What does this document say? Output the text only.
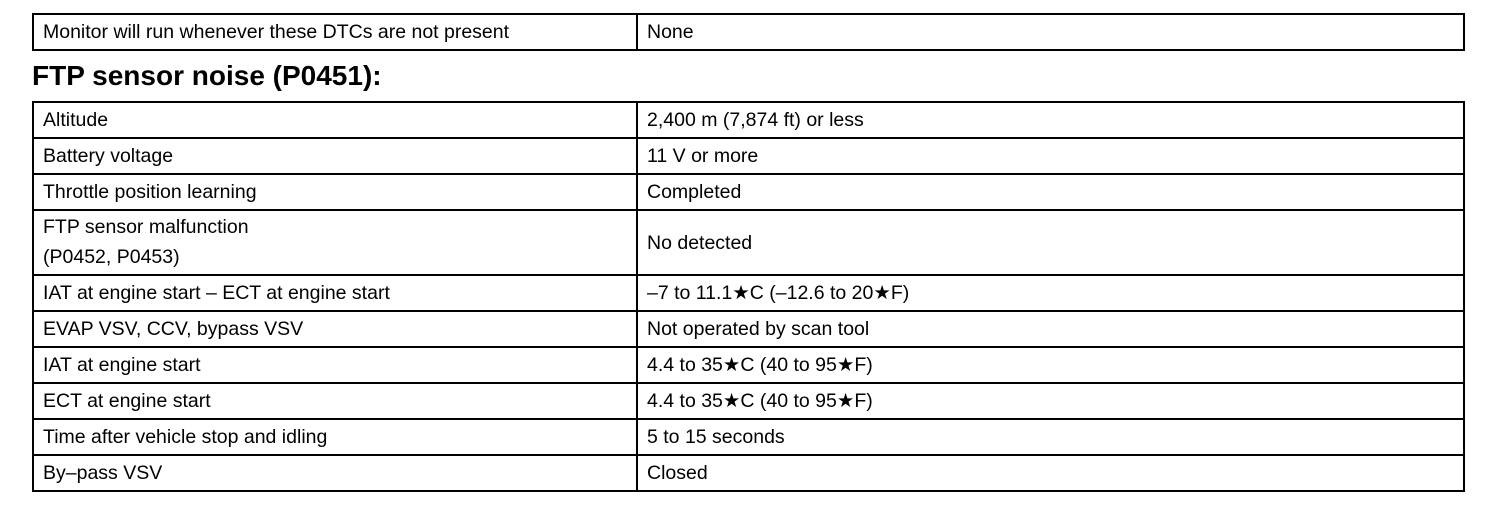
Monitor will run whenever these DTCs are not present	None
FTP sensor noise (P0451):
Altitude	2,400 m (7,874 ft) or less
Battery voltage	11 V or more
Throttle position learning	Completed

FTP sensor malfunction
(P0452, P0453)	No detected
IAT at engine start – ECT at engine start	–7 to 11.1★C (–12.6 to 20★F)
EVAP VSV, CCV, bypass VSV	Not operated by scan tool
IAT at engine start	4.4 to 35★C (40 to 95★F)
ECT at engine start	4.4 to 35★C (40 to 95★F)
Time after vehicle stop and idling	5 to 15 seconds
By–pass VSV	Closed
